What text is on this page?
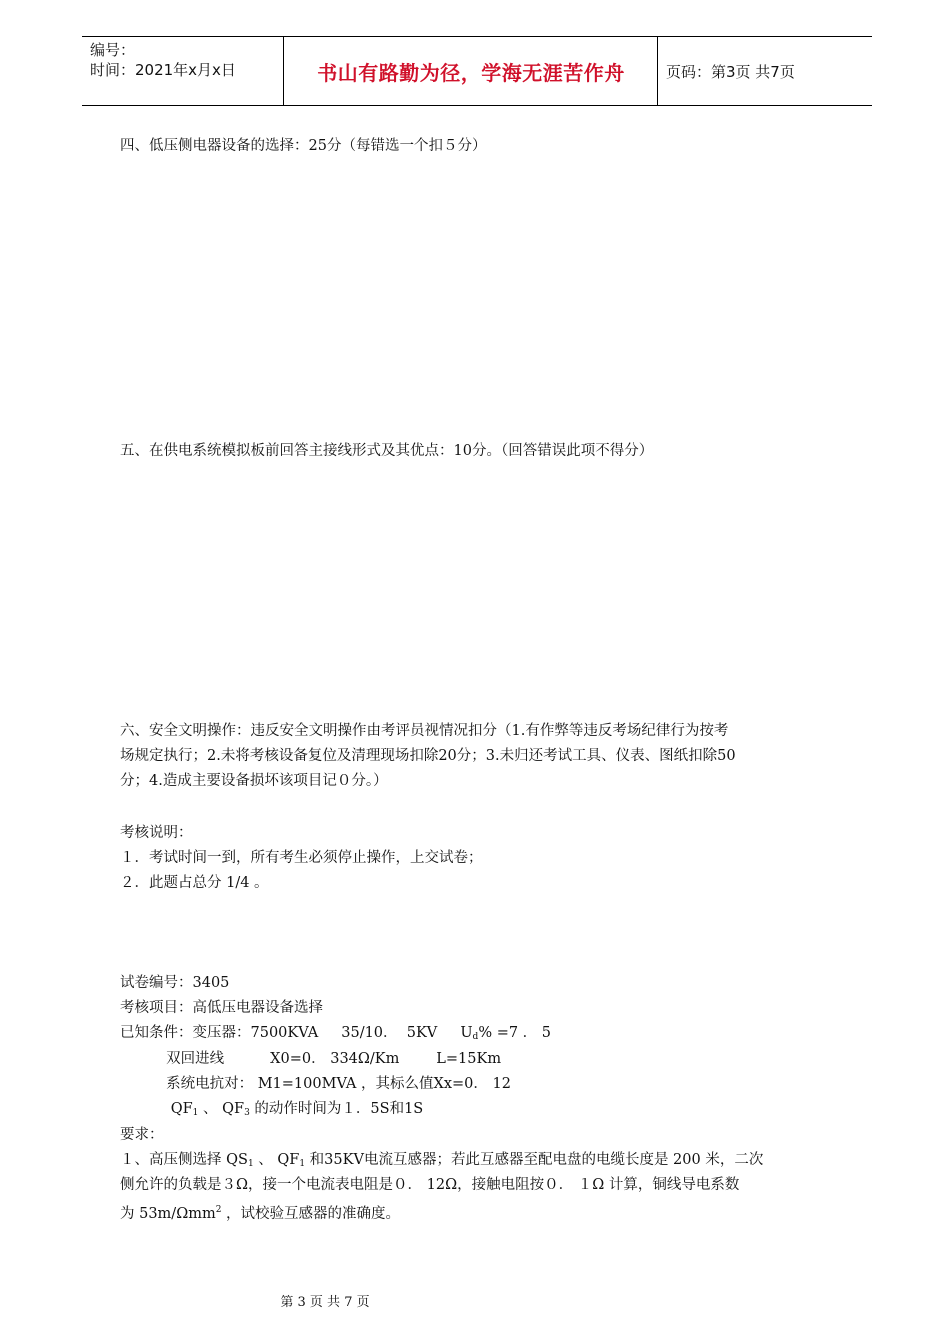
编号：
时间：2021年x月x日	书山有路勤为径，学海无涯苦作舟	页码：第3页 共7页
四、低压侧电器设备的选择：25分（每错选一个扣５分）
五、在供电系统模拟板前回答主接线形式及其优点：10分。（回答错误此项不得分）
六、安全文明操作：违反安全文明操作由考评员视情况扣分（1.有作弊等违反考场纪律行为按考
场规定执行；2.未将考核设备复位及清理现场扣除20分；3.未归还考试工具、仪表、图纸扣除50
分；4.造成主要设备损坏该项目记０分。）
考核说明：
１．考试时间一到，所有考生必须停止操作，上交试卷；
２．此题占总分 1/4 。
试卷编号：3405
考核项目：高低压电器设备选择
已知条件：变压器：7500KVA     35/10．  5KV     $U_d\% =7$ ． 5
双回进线          X0=0． 334Ω/Km        L=15Km
系统电抗对： M1=100MVA ，其标么值Xx=0． 12
$QF_1$ 、 $QF_3$ 的动作时间为１．5S和1S
要求：
１、高压侧选择 $QS_1$ 、 $QF_1$ 和35KV电流互感器；若此互感器至配电盘的电缆长度是 200 米，二次
侧允许的负载是３Ω，接一个电流表电阻是０． 12Ω，接触电阻按０． １Ω 计算，铜线导电系数
为 53m/Ωmm$^2$ ，试校验互感器的准确度。
第 3 页 共 7 页
